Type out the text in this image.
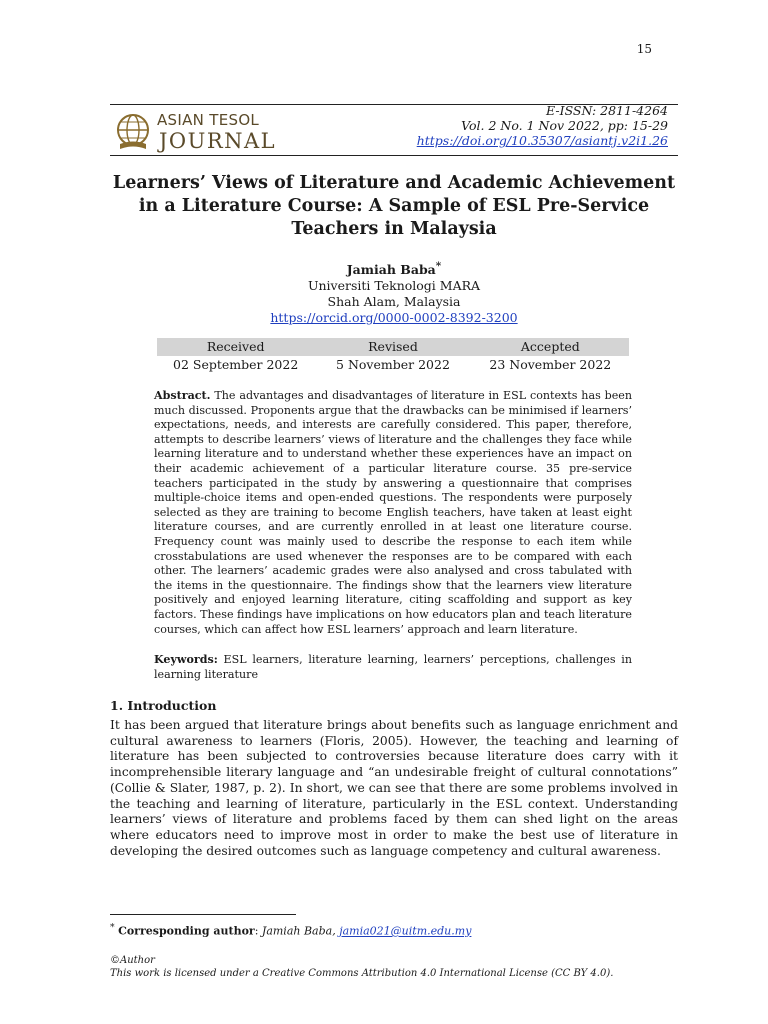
15
ASIAN TESOL
JOURNAL
E-ISSN: 2811-4264
Vol. 2 No. 1 Nov 2022, pp: 15-29
https://doi.org/10.35307/asiantj.v2i1.26
Learners’ Views of Literature and Academic Achievement
in a Literature Course: A Sample of ESL Pre-Service
Teachers in Malaysia
Jamiah Baba*
Universiti Teknologi MARA
Shah Alam, Malaysia
https://orcid.org/0000-0002-8392-3200
Received	Revised	Accepted
02 September 2022	5 November 2022	23 November 2022

Abstract. The advantages and disadvantages of literature in ESL contexts has been much discussed. Proponents argue that the drawbacks can be minimised if learners’ expectations, needs, and interests are carefully considered. This paper, therefore, attempts to describe learners’ views of literature and the challenges they face while learning literature and to understand whether these experiences have an impact on their academic achievement of a particular literature course. 35 pre-service teachers participated in the study by answering a questionnaire that comprises multiple-choice items and open-ended questions. The respondents were purposely selected as they are training to become English teachers, have taken at least eight literature courses, and are currently enrolled in at least one literature course. Frequency count was mainly used to describe the response to each item while crosstabulations are used whenever the responses are to be compared with each other. The learners’ academic grades were also analysed and cross tabulated with the items in the questionnaire. The findings show that the learners view literature positively and enjoyed learning literature, citing scaffolding and support as key factors. These findings have implications on how educators plan and teach literature courses, which can affect how ESL learners’ approach and learn literature.

Keywords: ESL learners, literature learning, learners’ perceptions, challenges in learning literature

1. Introduction

It has been argued that literature brings about benefits such as language enrichment and cultural awareness to learners (Floris, 2005). However, the teaching and learning of literature has been subjected to controversies because literature does carry with it incomprehensible literary language and “an undesirable freight of cultural connotations” (Collie & Slater, 1987, p. 2). In short, we can see that there are some problems involved in the teaching and learning of literature, particularly in the ESL context. Understanding learners’ views of literature and problems faced by them can shed light on the areas where educators need to improve most in order to make the best use of literature in developing the desired outcomes such as language competency and cultural awareness.

* Corresponding author: Jamiah Baba, jamia021@uitm.edu.my
©Author
This work is licensed under a Creative Commons Attribution 4.0 International License (CC BY 4.0).
